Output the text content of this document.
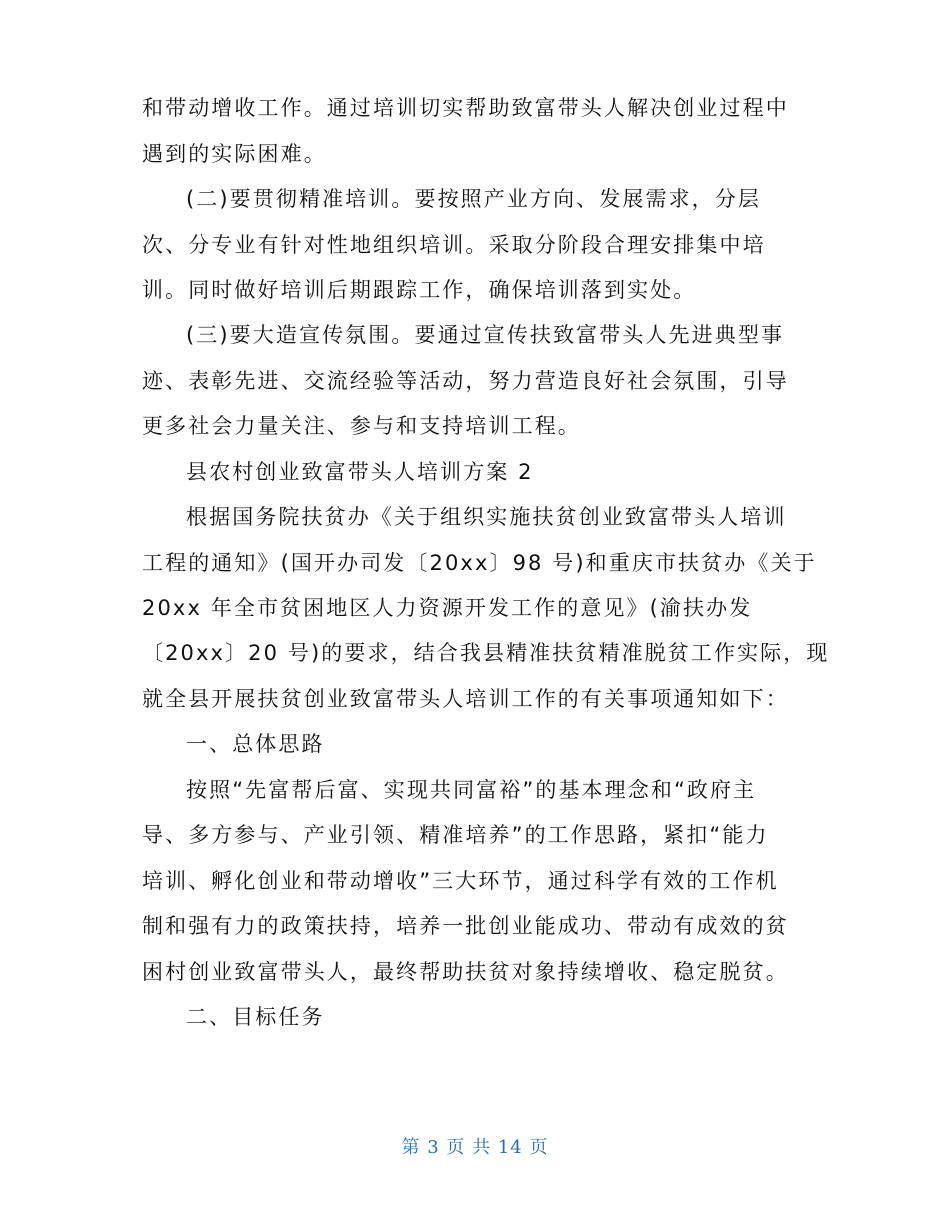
和带动增收工作。通过培训切实帮助致富带头人解决创业过程中
遇到的实际困难。
(二)要贯彻精准培训。要按照产业方向、发展需求，分层
次、分专业有针对性地组织培训。采取分阶段合理安排集中培
训。同时做好培训后期跟踪工作，确保培训落到实处。
(三)要大造宣传氛围。要通过宣传扶致富带头人先进典型事
迹、表彰先进、交流经验等活动，努力营造良好社会氛围，引导
更多社会力量关注、参与和支持培训工程。
县农村创业致富带头人培训方案 2
根据国务院扶贫办《关于组织实施扶贫创业致富带头人培训
工程的通知》(国开办司发〔20xx〕98 号)和重庆市扶贫办《关于
20xx 年全市贫困地区人力资源开发工作的意见》(渝扶办发
〔20xx〕20 号)的要求，结合我县精准扶贫精准脱贫工作实际，现
就全县开展扶贫创业致富带头人培训工作的有关事项通知如下：
一、总体思路
按照“先富帮后富、实现共同富裕”的基本理念和“政府主
导、多方参与、产业引领、精准培养”的工作思路，紧扣“能力
培训、孵化创业和带动增收”三大环节，通过科学有效的工作机
制和强有力的政策扶持，培养一批创业能成功、带动有成效的贫
困村创业致富带头人，最终帮助扶贫对象持续增收、稳定脱贫。
二、目标任务
第 3 页 共 14 页
